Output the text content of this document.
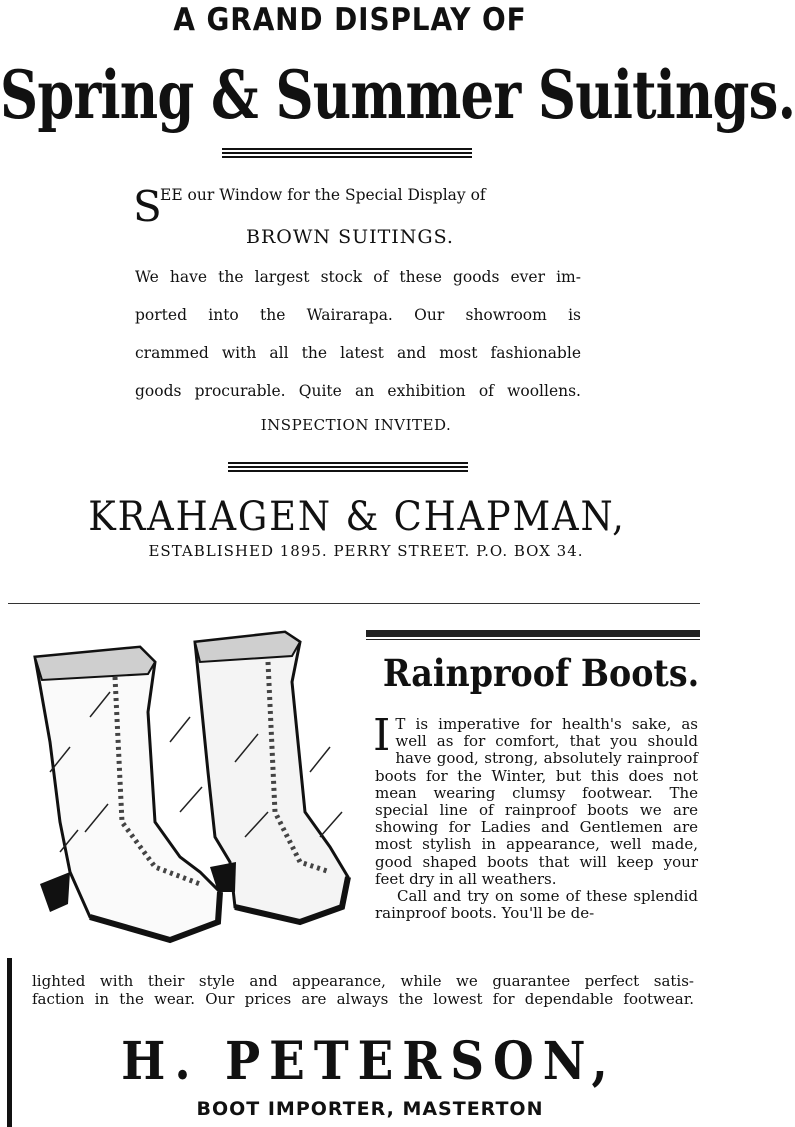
A GRAND DISPLAY OF
Spring & Summer Suitings.
S
EE our Window for the Special Display of
BROWN SUITINGS.
We have the largest stock of these goods ever im-
ported into the Wairarapa. Our showroom is
crammed with all the latest and most fashionable
goods procurable. Quite an exhibition of woollens.
INSPECTION INVITED.
KRAHAGEN & CHAPMAN,
ESTABLISHED 1895. PERRY STREET. P.O. BOX 34.
Rainproof Boots.

I T is imperative for health's sake, as well as for comfort, that you should have good, strong, absolutely rainproof boots for the Winter, but this does not mean wearing clumsy footwear. The special line of rainproof boots we are showing for Ladies and Gentlemen are most stylish in appearance, well made, good shaped boots that will keep your feet dry in all weathers.

Call and try on some of these splendid rainproof boots. You'll be de-

lighted with their style and appearance, while we guarantee perfect satis-
faction in the wear. Our prices are always the lowest for dependable footwear.
H. PETERSON,
BOOT IMPORTER, MASTERTON
